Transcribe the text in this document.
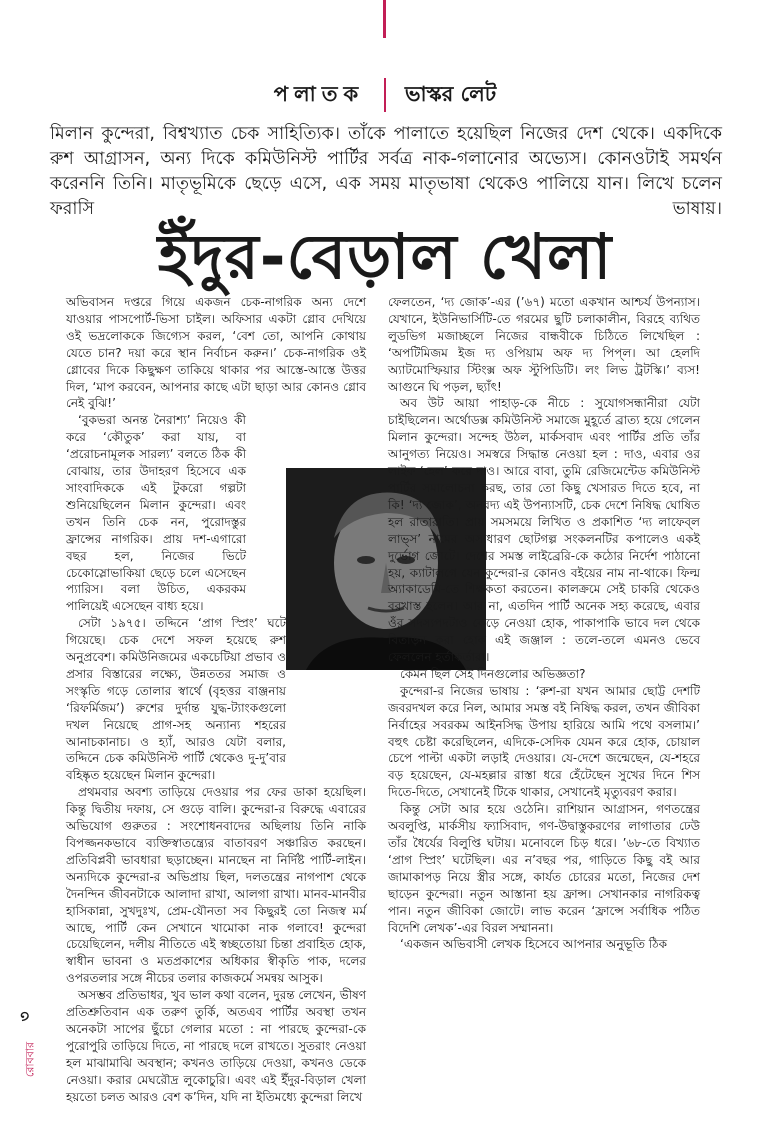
পলাতক ভাস্কর লেট
মিলান কুন্দেরা, বিশ্বখ্যাত চেক সাহিত্যিক। তাঁকে পালাতে হয়েছিল নিজের দেশ থেকে। একদিকে রুশ আগ্রাসন, অন্য দিকে কমিউনিস্ট পার্টির সর্বত্র নাক-গলানোর অভ্যেস। কোনওটাই সমর্থন করেননি তিনি। মাতৃভূমিকে ছেড়ে এসে, এক সময় মাতৃভাষা থেকেও পালিয়ে যান। লিখে চলেন ফরাসি ভাষায়।
ইঁদুর-বেড়াল খেলা

অভিবাসন দপ্তরে গিয়ে একজন চেক-নাগরিক অন্য দেশে যাওয়ার পাসপোর্ট-ভিসা চাইল। অফিসার একটা গ্লোব দেখিয়ে ওই ভদ্রলোককে জিগ্যেস করল, ‘বেশ তো, আপনি কোথায় যেতে চান? দয়া করে স্থান নির্বাচন করুন।’ চেক-নাগরিক ওই গ্লোবের দিকে কিছুক্ষণ তাকিয়ে থাকার পর আস্তে-আস্তে উত্তর দিল, ‘মাপ করবেন, আপনার কাছে এটা ছাড়া আর কোনও গ্লোব নেই বুঝি!’

‘বুকভরা অনন্ত নৈরাশ্য’ নিয়েও কী করে ‘কৌতুক’ করা যায়, বা ‘প্ররোচনামূলক সারল্য’ বলতে ঠিক কী বোঝায়, তার উদাহরণ হিসেবে এক সাংবাদিককে এই টুকরো গল্পটা শুনিয়েছিলেন মিলান কুন্দেরা। এবং তখন তিনি চেক নন, পুরোদস্তুর ফ্রান্সের নাগরিক। প্রায় দশ-এগারো বছর হল, নিজের ভিটে চেকোস্লোভাকিয়া ছেড়ে চলে এসেছেন প্যারিস। বলা উচিত, একরকম পালিয়েই এসেছেন বাধ্য হয়ে।

সেটা ১৯৭৫। তদ্দিনে ‘প্রাগ স্প্রিং’ ঘটে গিয়েছে। চেক দেশে সফল হয়েছে রুশ অনুপ্রবেশ। কমিউনিজমের একচেটিয়া প্রভাব ও প্রসার বিস্তারের লক্ষ্যে, উন্নততর সমাজ ও সংস্কৃতি গড়ে তোলার স্বার্থে (বৃহত্তর বাঞ্জনায় ‘রিফর্মিজম’) রুশের দুর্দান্ত যুদ্ধ-ট্যাংকগুলো দখল নিয়েছে প্রাগ-সহ অন্যান্য শহরের আনাচকানাচ। ও হ্যাঁ, আরও যেটা বলার, তদ্দিনে চেক কমিউনিস্ট পার্টি থেকেও দু-দু’বার বহিষ্কৃত হয়েছেন মিলান কুন্দেরা।

প্রথমবার অবশ্য তাড়িয়ে দেওয়ার পর ফের ডাকা হয়েছিল। কিন্তু দ্বিতীয় দফায়, সে গুড়ে বালি। কুন্দেরা-র বিরুদ্ধে এবারের অভিযোগ গুরুতর : সংশোধনবাদের অছিলায় তিনি নাকি বিপজ্জনকভাবে ব্যক্তিস্বাতন্ত্র্যের বাতাবরণ সঞ্চারিত করছেন। প্রতিবিপ্লবী ভাবধারা ছড়াচ্ছেন। মানছেন না নির্দিষ্ট পার্টি-লাইন। অন্যদিকে কুন্দেরা-র অভিপ্রায় ছিল, দলতন্ত্রের নাগপাশ থেকে দৈনন্দিন জীবনটাকে আলাদা রাখা, আলগা রাখা। মানব-মানবীর হাসিকান্না, সুখদুঃখ, প্রেম-যৌনতা সব কিছুরই তো নিজস্ব মর্ম আছে, পার্টি কেন সেখানে খামোকা নাক গলাবে! কুন্দেরা চেয়েছিলেন, দলীয় নীতিতে এই স্বচ্ছতোয়া চিন্তা প্রবাহিত হোক, স্বাধীন ভাবনা ও মতপ্রকাশের অধিকার স্বীকৃতি পাক, দলের ওপরতলার সঙ্গে নীচের তলার কাজকর্মে সমন্বয় আসুক।

অসম্ভব প্রতিভাধর, খুব ভাল কথা বলেন, দুরন্ত লেখেন, ভীষণ প্রতিশ্রুতিবান এক তরুণ তুর্কি, অতএব পার্টির অবস্থা তখন অনেকটা সাপের ছুঁচো গেলার মতো : না পারছে কুন্দেরা-কে পুরোপুরি তাড়িয়ে দিতে, না পারছে দলে রাখতে। সুতরাং নেওয়া হল মাঝামাঝি অবস্থান; কখনও তাড়িয়ে দেওয়া, কখনও ডেকে নেওয়া। করার মেঘরৌদ্র লুকোচুরি। এবং এই ইঁদুর-বিড়াল খেলা হয়তো চলত আরও বেশ ক’দিন, যদি না ইতিমধ্যে কুন্দেরা লিখে

ফেলতেন, ‘দ্য জোক’-এর (’৬৭) মতো একখান আশ্চর্য উপন্যাস। যেখানে, ইউনিভার্সিটি-তে গরমের ছুটি চলাকালীন, বিরহে ব্যথিত লুডভিগ মজাচ্ছলে নিজের বান্ধবীকে চিঠিতে লিখেছিল : ‘অপটিমিজম ইজ দ্য ওপিয়াম অফ দ্য পিপ্‌ল। আ হেলদি অ্যাটমোস্ফিয়ার স্টিংক্স অফ স্টুপিডিটি। লং লিভ ট্রটস্কি।’ ব্যস! আগুনে ঘি পড়ল, ছ্যাঁৎ!

অব উট আয়া পাহাড়-কে নীচে : সুযোগসন্ধানীরা যেটা চাইছিলেন। অর্থোডক্স কমিউনিস্ট সমাজে মুহূর্তে ব্রাত্য হয়ে গেলেন মিলান কুন্দেরা। সন্দেহ উঠল, মার্কসবাদ এবং পার্টির প্রতি তাঁর আনুগত্য নিয়েও। সমস্বরে সিদ্ধান্ত নেওয়া হল : দাও, এবার ওর লাইফ ‘হেল’ করে দাও। আরে বাবা, তুমি রেজিমেন্টেড কমিউনিস্ট পার্টির সমালোচনা করছ, তার তো কিছু খেসারত দিতে হবে, না কি! ‘দ্য জোক’, অনবদ্য এই উপন্যাসটি, চেক দেশে নিষিদ্ধ ঘোষিত হল রাতারাতি। প্রায় সমসময়ে লিখিত ও প্রকাশিত ‘দ্য লাফেব্‌ল লাভ্‌স’ নামের অসাধারণ ছোটগল্প সংকলনটির কপালেও একই দুর্ভোগ জোটে। দেশের সমস্ত লাইব্রেরি-কে কঠোর নির্দেশ পাঠানো হয়, ক্যাটালগে যেন কুন্দেরা-র কোনও বইয়ের নাম না-থাকে। ফিল্ম অ্যাকাডেমি-তে শিক্ষকতা করতেন। কালক্রমে সেই চাকরি থেকেও বরখাস্ত হলেন। আর না, এতদিন পার্টি অনেক সহ্য করেছে, এবার ওঁর সদস্যপদটাও কেড়ে নেওয়া হোক, পাকাপাকি ভাবে দল থেকে বিতাড়ন করা হোক এই জঞ্জাল : তলে-তলে এমনও ভেবে ফেললেন হর্তাকর্তারা।

কেমন ছিল সেই দিনগুলোর অভিজ্ঞতা?

কুন্দেরা-র নিজের ভাষায় : ‘রুশ-রা যখন আমার ছোট্ট দেশটি জবরদখল করে নিল, আমার সমস্ত বই নিষিদ্ধ করল, তখন জীবিকা নির্বাহের সবরকম আইনসিদ্ধ উপায় হারিয়ে আমি পথে বসলাম।’ বহুৎ চেষ্টা করেছিলেন, এদিকে-সেদিক যেমন করে হোক, চোয়াল চেপে পাল্টা একটা লড়াই দেওয়ার। যে-দেশে জন্মেছেন, যে-শহরে বড় হয়েছেন, যে-মহল্লার রাস্তা ধরে হেঁটেছেন সুখের দিনে শিস দিতে-দিতে, সেখানেই টিকে থাকার, সেখানেই মৃত্যুবরণ করার।

কিন্তু সেটা আর হয়ে ওঠেনি। রাশিয়ান আগ্রাসন, গণতন্ত্রের অবলুপ্তি, মার্কসীয় ফ্যাসিবাদ, গণ-উদ্বাস্তুকরণের লাগাতার ঢেউ তাঁর ধৈর্যের বিলুপ্তি ঘটায়। মনোবলে চিড় ধরে। ’৬৮-তে বিখ্যাত ‘প্রাগ স্প্রিং’ ঘটেছিল। এর ন’বছর পর, গাড়িতে কিছু বই আর জামাকাপড় নিয়ে স্ত্রীর সঙ্গে, কার্যত চোরের মতো, নিজের দেশ ছাড়েন কুন্দেরা। নতুন আস্তানা হয় ফ্রান্স। সেখানকার নাগরিকত্ব পান। নতুন জীবিকা জোটে। লাভ করেন ‘ফ্রান্সে সর্বাধিক পঠিত বিদেশি লেখক’-এর বিরল সম্মাননা।

‘একজন অভিবাসী লেখক হিসেবে আপনার অনুভূতি ঠিক

৩
রোববার
